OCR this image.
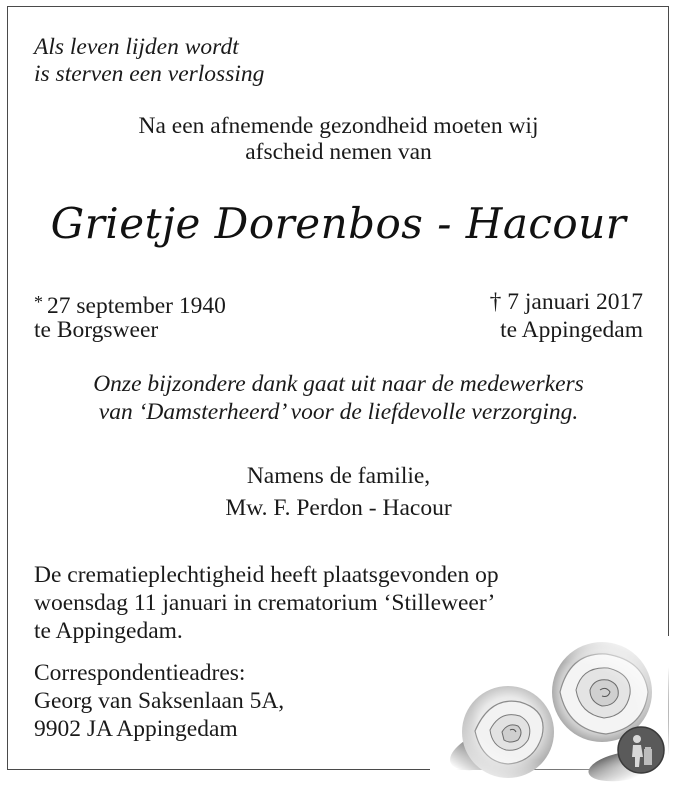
Als leven lijden wordt
is sterven een verlossing
Na een afnemende gezondheid moeten wij
afscheid nemen van
Grietje Dorenbos - Hacour
* 27 september 1940
te Borgsweer
† 7 januari 2017
te Appingedam
Onze bijzondere dank gaat uit naar de medewerkers
van ‘Damsterheerd’ voor de liefdevolle verzorging.
Namens de familie,
Mw. F. Perdon - Hacour
De crematieplechtigheid heeft plaatsgevonden op
woensdag 11 januari in crematorium ‘Stilleweer’
te Appingedam.
Correspondentieadres:
Georg van Saksenlaan 5A,
9902 JA Appingedam
